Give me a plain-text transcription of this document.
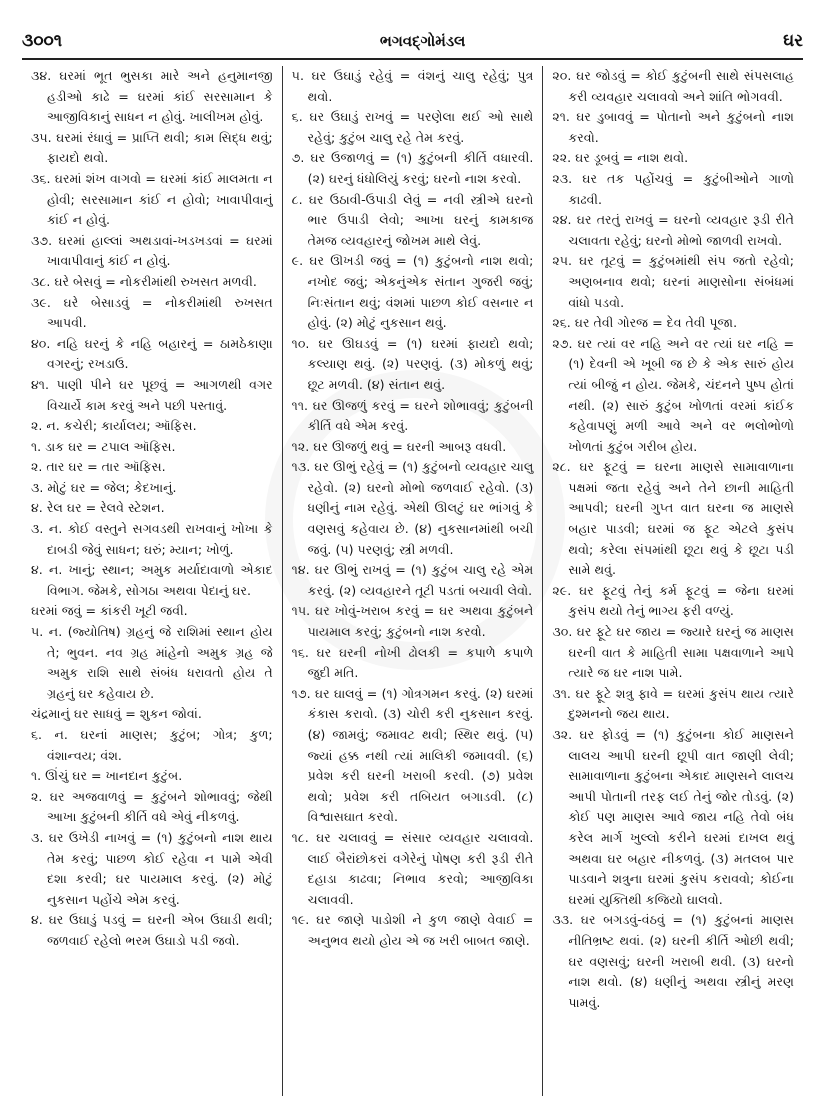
૩૦૦૧	ભગવદ્ગોમંડલ	ઘર

૩૪. ઘરમાં ભૂત ભુસકા મારે અને હનુમાનજી હડીઓ કાઢે = ઘરમાં કાંઈ સરસામાન કે આજીવિકાનું સાધન ન હોવું. ખાલીખમ હોવું.

૩૫. ઘરમાં રંધાવું = પ્રાપ્તિ થવી; કામ સિદ્ધ થવું; ફાયદો થવો.

૩૬. ઘરમાં શંખ વાગવો = ઘરમાં કાંઈ માલમતા ન હોવી; સરસામાન કાંઈ ન હોવો; ખાવાપીવાનું કાંઈ ન હોવું.

૩૭. ઘરમાં હાલ્લાં અથડાવાં-ખડખડવાં = ઘરમાં ખાવાપીવાનું કાંઈ ન હોવું.

૩૮. ઘરે બેસવું = નોકરીમાંથી રુખસત મળવી.

૩૯. ઘરે બેસાડવું = નોકરીમાંથી રુખસત આપવી.

૪૦. નહિ ઘરનું કે નહિ બહારનું = ઠામઠેકાણા વગરનું; રખડાઉ.

૪૧. પાણી પીને ઘર પૂછવું = આગળથી વગર વિચાર્યે કામ કરવું અને પછી પસ્તાવું.

૨. ન. કચેરી; કાર્યાલય; ઑફિસ.

૧. ડાક ઘર = ટપાલ ઑફિસ.

૨. તાર ઘર = તાર ઑફિસ.

૩. મોટું ઘર = જેલ; કેદખાનું.

૪. રેલ ઘર = રેલવે સ્ટેશન.

૩. ન. કોઈ વસ્તુને સગવડથી રાખવાનું ખોખા કે દાબડી જેવું સાધન; ઘરું; મ્યાન; ખોળું.

૪. ન. ખાનું; સ્થાન; અમુક મર્યાદાવાળો એકાદ વિભાગ. જેમકે, સોગઠા અથવા પેદાનું ઘર.

ઘરમાં જવું = કાંકરી ખૂટી જવી.

૫. ન. (જ્યોતિષ) ગ્રહનું જે રાશિમાં સ્થાન હોય તે; ભુવન. નવ ગ્રહ માંહેનો અમુક ગ્રહ જે અમુક રાશિ સાથે સંબંધ ધરાવતો હોય તે ગ્રહનું ઘર કહેવાય છે.

ચંદ્રમાનું ઘર સાધવું = શુકન જોવાં.

૬. ન. ઘરનાં માણસ; કુટુંબ; ગોત્ર; કુળ; વંશાન્વય; વંશ.

૧. ઊંચું ઘર = ખાનદાન કુટુંબ.

૨. ઘર અજવાળવું = કુટુંબને શોભાવવું; જેથી આખા કુટુંબની કીર્તિ વધે એવું નીકળવું.

૩. ઘર ઉખેડી નાખવું = (૧) કુટુંબનો નાશ થાય તેમ કરવું; પાછળ કોઈ રહેવા ન પામે એવી દશા કરવી; ઘર પાયમાલ કરવું. (૨) મોટું નુકસાન પહોંચે એમ કરવું.

૪. ઘર ઉઘાડું પડવું = ઘરની એબ ઉઘાડી થવી; જળવાઈ રહેલો ભરમ ઉઘાડો પડી જવો.

૫. ઘર ઉઘાડું રહેવું = વંશનું ચાલુ રહેવું; પુત્ર થવો.

૬. ઘર ઉઘાડું રાખવું = પરણેલા થઈ ઓ સાથે રહેવું; કુટુંબ ચાલુ રહે તેમ કરવું.

૭. ઘર ઉજાળવું = (૧) કુટુંબની કીર્તિ વધારવી. (૨) ઘરનું ધંધોલિયું કરવું; ઘરનો નાશ કરવો.

૮. ઘર ઉઠાવી-ઉપાડી લેવું = નવી સ્ત્રીએ ઘરનો ભાર ઉપાડી લેવો; આખા ઘરનું કામકાજ તેમજ વ્યવહારનું જોખમ માથે લેવું.

૯. ઘર ઊખડી જવું = (૧) કુટુંબનો નાશ થવો; નખોદ જવું; એકનુંએક સંતાન ગુજરી જવું; નિઃસંતાન થવું; વંશમાં પાછળ કોઈ વસનાર ન હોવું. (૨) મોટું નુકસાન થવું.

૧૦. ઘર ઊઘડવું = (૧) ઘરમાં ફાયદો થવો; કલ્યાણ થવું. (૨) પરણવું. (૩) મોકળું થવું; છૂટ મળવી. (૪) સંતાન થવું.

૧૧. ઘર ઊજળું કરવું = ઘરને શોભાવવું; કુટુંબની કીર્તિ વધે એમ કરવું.

૧૨. ઘર ઊજળું થવું = ઘરની આબરૂ વધવી.

૧૩. ઘર ઊભું રહેવું = (૧) કુટુંબનો વ્યવહાર ચાલુ રહેવો. (૨) ઘરનો મોભો જળવાઈ રહેવો. (૩) ધણીનું નામ રહેવું. એથી ઊલટું ઘર ભાંગવું કે વણસવું કહેવાય છે. (૪) નુકસાનમાંથી બચી જવું. (૫) પરણવું; સ્ત્રી મળવી.

૧૪. ઘર ઊભું રાખવું = (૧) કુટુંબ ચાલુ રહે એમ કરવું. (૨) વ્યવહારને તૂટી પડતાં બચાવી લેવો.

૧૫. ઘર ખોવું-ખરાબ કરવું = ઘર અથવા કુટુંબને પાયમાલ કરવું; કુટુંબનો નાશ કરવો.

૧૬. ઘર ઘરની નોખી ઢોલકી = કપાળે કપાળે જુદી મતિ.

૧૭. ઘર ઘાલવું = (૧) ગોત્રગમન કરવું. (૨) ઘરમાં કંકાસ કરાવો. (૩) ચોરી કરી નુકસાન કરવું. (૪) જામવું; જમાવટ થવી; સ્થિર થવું. (૫) જ્યાં હક્ક નથી ત્યાં માલિકી જમાવવી. (૬) પ્રવેશ કરી ઘરની ખરાબી કરવી. (૭) પ્રવેશ થવો; પ્રવેશ કરી તબિયત બગાડવી. (૮) વિશ્વાસઘાત કરવો.

૧૮. ઘર ચલાવવું = સંસાર વ્યવહાર ચલાવવો. લાઈ બૈરાંછોકરાં વગેરેનું પોષણ કરી રૂડી રીતે દહાડા કાઢવા; નિભાવ કરવો; આજીવિકા ચલાવવી.

૧૯. ઘર જાણે પાડોશી ને કુળ જાણે વેવાઈ = અનુભવ થયો હોય એ જ ખરી બાબત જાણે.

૨૦. ઘર જોડવું = કોઈ કુટુંબની સાથે સંપસલાહ કરી વ્યવહાર ચલાવવો અને શાંતિ ભોગવવી.

૨૧. ઘર ડુબાવવું = પોતાનો અને કુટુંબનો નાશ કરવો.

૨૨. ઘર ડૂબવું = નાશ થવો.

૨૩. ઘર તક પહોંચવું = કુટુંબીઓને ગાળો કાઢવી.

૨૪. ઘર તરતું રાખવું = ઘરનો વ્યવહાર રૂડી રીતે ચલાવતા રહેવું; ઘરનો મોભો જાળવી રાખવો.

૨૫. ઘર તૂટવું = કુટુંબમાંથી સંપ જતો રહેવો; અણબનાવ થવો; ઘરનાં માણસોના સંબંધમાં વાંધો પડવો.

૨૬. ઘર તેવી ગોરજ = દેવ તેવી પૂજા.

૨૭. ઘર ત્યાં વર નહિ અને વર ત્યાં ઘર નહિ = (૧) દેવની એ ખૂબી જ છે કે એક સારું હોય ત્યાં બીજું ન હોય. જેમકે, ચંદનને પુષ્પ હોતાં નથી. (૨) સારું કુટુંબ ખોળતાં વરમાં કાંઈક કહેવાપણું મળી આવે અને વર ભલોભોળો ખોળતાં કુટુંબ ગરીબ હોય.

૨૮. ઘર ફૂટવું = ઘરના માણસે સામાવાળાના પક્ષમાં જતા રહેવું અને તેને છાની માહિતી આપવી; ઘરની ગુપ્ત વાત ઘરના જ માણસે બહાર પાડવી; ઘરમાં જ ફૂટ એટલે કુસંપ થવો; કરેલા સંપમાંથી છૂટા થવું કે છૂટા પડી સામે થવું.

૨૯. ઘર ફૂટવું તેનું કર્મ ફૂટવું = જેના ઘરમાં કુસંપ થયો તેનું ભાગ્ય ફરી વળ્યું.

૩૦. ઘર ફૂટે ઘર જાય = જ્યારે ઘરનું જ માણસ ઘરની વાત કે માહિતી સામા પક્ષવાળાને આપે ત્યારે જ ઘર નાશ પામે.

૩૧. ઘર ફૂટે શત્રુ ફાવે = ઘરમાં કુસંપ થાય ત્યારે દુશ્મનનો જય થાય.

૩૨. ઘર ફોડવું = (૧) કુટુંબના કોઈ માણસને લાલચ આપી ઘરની છૂપી વાત જાણી લેવી; સામાવાળાના કુટુંબના એકાદ માણસને લાલચ આપી પોતાની તરફ લઈ તેનું જોર તોડવું. (૨) કોઈ પણ માણસ આવે જાય નહિ તેવો બંધ કરેલ માર્ગ ખુલ્લો કરીને ઘરમાં દાખલ થવું અથવા ઘર બહાર નીકળવું. (૩) મતલબ પાર પાડવાને શત્રુના ઘરમાં કુસંપ કરાવવો; કોઈના ઘરમાં યુક્તિથી કજિયો ઘાલવો.

૩૩. ઘર બગડવું-વંઠવું = (૧) કુટુંબનાં માણસ નીતિભ્રષ્ટ થવાં. (૨) ઘરની કીર્તિ ઓછી થવી; ઘર વણસવું; ઘરની ખરાબી થવી. (૩) ઘરનો નાશ થવો. (૪) ધણીનું અથવા સ્ત્રીનું મરણ પામવું.
